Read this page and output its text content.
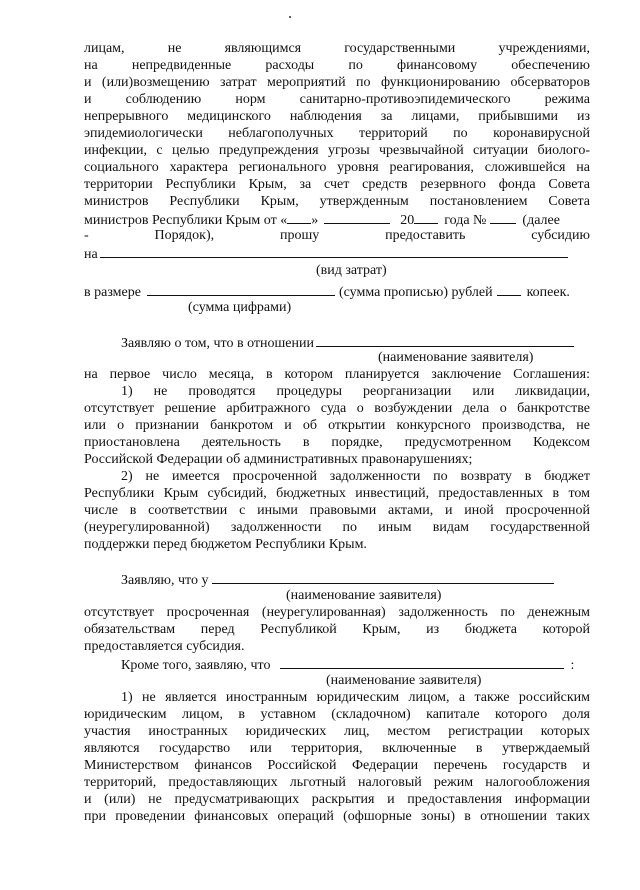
лицам, не являющимся государственными учреждениями,
на непредвиденные расходы по финансовому обеспечению
и (или)возмещению затрат мероприятий по функционированию обсерваторов
и соблюдению норм санитарно-противоэпидемического режима
непрерывного медицинского наблюдения за лицами, прибывшими из
эпидемиологически неблагополучных территорий по коронавирусной
инфекции, с целью предупреждения угрозы чрезвычайной ситуации биолого-
социального характера регионального уровня реагирования, сложившейся на
территории Республики Крым, за счет средств резервного фонда Совета
министров Республики Крым, утвержденным постановлением Совета
министров Республики Крым от « »	20 года №	(далее
-	Порядок),	прошу	предоставить	субсидию
на
(вид затрат)
в размере	(сумма прописью) рублей копеек.
(сумма цифрами)
Заявляю о том, что в отношении
(наименование заявителя)
на первое число месяца, в котором планируется заключение Соглашения:
1) не проводятся процедуры реорганизации или ликвидации,
отсутствует решение арбитражного суда о возбуждении дела о банкротстве
или о признании банкротом и об открытии конкурсного производства, не
приостановлена деятельность в порядке, предусмотренном Кодексом
Российской Федерации об административных правонарушениях;
2) не имеется просроченной задолженности по возврату в бюджет
Республики Крым субсидий, бюджетных инвестиций, предоставленных в том
числе в соответствии с иными правовыми актами, и иной просроченной
(неурегулированной) задолженности по иным видам государственной
поддержки перед бюджетом Республики Крым.
Заявляю, что у
(наименование заявителя)
отсутствует просроченная (неурегулированная) задолженность по денежным
обязательствам перед Республикой Крым, из бюджета которой
предоставляется субсидия.
Кроме того, заявляю, что	:
(наименование заявителя)
1) не является иностранным юридическим лицом, а также российским
юридическим лицом, в уставном (складочном) капитале которого доля
участия иностранных юридических лиц, местом регистрации которых
являются государство или территория, включенные в утверждаемый
Министерством финансов Российской Федерации перечень государств и
территорий, предоставляющих льготный налоговый режим налогообложения
и (или) не предусматривающих раскрытия и предоставления информации
при проведении финансовых операций (офшорные зоны) в отношении таких
